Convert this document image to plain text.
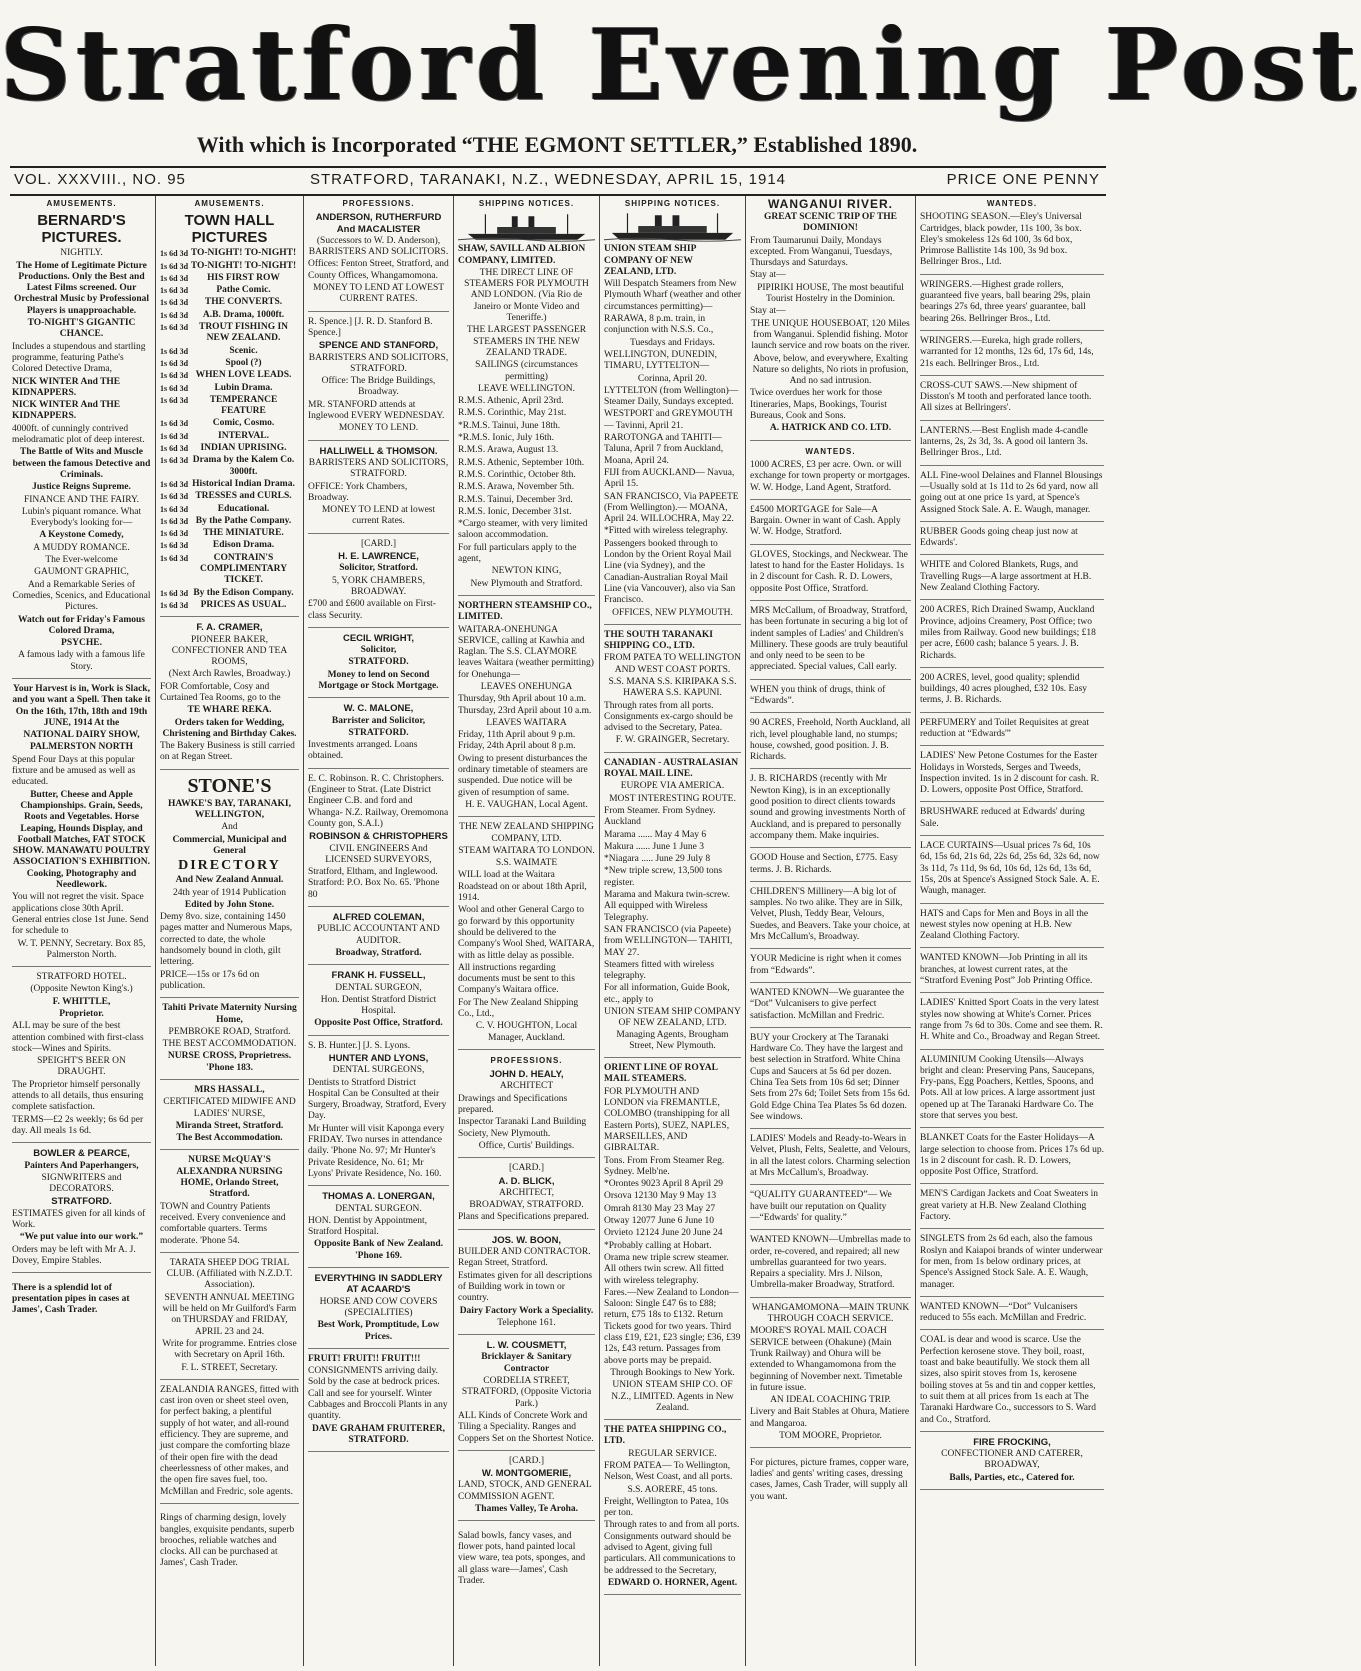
Stratford Evening Post
With which is Incorporated “THE EGMONT SETTLER,” Established 1890.
VOL. XXXVIII., NO. 95	STRATFORD, TARANAKI, N.Z., WEDNESDAY, APRIL 15, 1914	PRICE ONE PENNY
AMUSEMENTS.
BERNARD'S PICTURES.

NIGHTLY.

The Home of Legitimate Picture Productions. Only the Best and Latest Films screened. Our Orchestral Music by Professional Players is unapproachable.

TO-NIGHT'S GIGANTIC CHANCE.

Includes a stupendous and startling programme, featuring Pathe's Colored Detective Drama,

NICK WINTER And THE KIDNAPPERS.

NICK WINTER And THE KIDNAPPERS.

4000ft. of cunningly contrived melodramatic plot of deep interest.

The Battle of Wits and Muscle between the famous Detective and Criminals.

Justice Reigns Supreme.

FINANCE AND THE FAIRY.

Lubin's piquant romance. What Everybody's looking for—

A Keystone Comedy,

A MUDDY ROMANCE.

The Ever-welcome

GAUMONT GRAPHIC,

And a Remarkable Series of Comedies, Scenics, and Educational Pictures.

Watch out for Friday's Famous Colored Drama,

PSYCHE.

A famous lady with a famous life Story.

Your Harvest is in, Work is Slack, and you want a Spell. Then take it On the 16th, 17th, 18th and 19th JUNE, 1914 At the

NATIONAL DAIRY SHOW,

PALMERSTON NORTH

Spend Four Days at this popular fixture and be amused as well as educated.

Butter, Cheese and Apple Championships. Grain, Seeds, Roots and Vegetables. Horse Leaping, Hounds Display, and Football Matches, FAT STOCK SHOW. MANAWATU POULTRY ASSOCIATION'S EXHIBITION. Cooking, Photography and Needlework.

You will not regret the visit. Space applications close 30th April. General entries close 1st June. Send for schedule to

W. T. PENNY, Secretary. Box 85, Palmerston North.

STRATFORD HOTEL.

(Opposite Newton King's.)

F. WHITTLE,

Proprietor.

ALL may be sure of the best attention combined with first-class stock—Wines and Spirits.

SPEIGHT'S BEER ON DRAUGHT.

The Proprietor himself personally attends to all details, thus ensuring complete satisfaction.

TERMS—£2 2s weekly; 6s 6d per day. All meals 1s 6d.

BOWLER & PEARCE,

Painters And Paperhangers,

SIGNWRITERS and DECORATORS.

STRATFORD.

ESTIMATES given for all kinds of Work.

“We put value into our work.”

Orders may be left with Mr A. J. Dovey, Empire Stables.

There is a splendid lot of presentation pipes in cases at James', Cash Trader.

AMUSEMENTS.
TOWN HALL PICTURES

1s 6d 3d TO-NIGHT! TO-NIGHT!

1s 6d 3d TO-NIGHT! TO-NIGHT!

1s 6d 3d	HIS FIRST ROW

1s 6d 3d	Pathe Comic.

1s 6d 3d	THE CONVERTS.

1s 6d 3d	A.B. Drama, 1000ft.

1s 6d 3d	TROUT FISHING IN NEW ZEALAND.

1s 6d 3d	Scenic.

1s 6d 3d	Spool (?)

1s 6d 3d WHEN LOVE LEADS.

1s 6d 3d	Lubin Drama.

1s 6d 3d	TEMPERANCE FEATURE

1s 6d 3d	Comic, Cosmo.

1s 6d 3d	INTERVAL.

1s 6d 3d	INDIAN UPRISING.

1s 6d 3d Drama by the Kalem Co. 3000ft.

1s 6d 3d Historical Indian Drama.

1s 6d 3d TRESSES and CURLS.

1s 6d 3d	Educational.

1s 6d 3d By the Pathe Company.

1s 6d 3d	THE MINIATURE.

1s 6d 3d	Edison Drama.

1s 6d 3d	CONTRAIN'S COMPLIMENTARY TICKET.

1s 6d 3d By the Edison Company.

1s 6d 3d	PRICES AS USUAL.

F. A. CRAMER,

PIONEER BAKER, CONFECTIONER AND TEA ROOMS,

(Next Arch Rawles, Broadway.)

FOR Comfortable, Cosy and Curtained Tea Rooms, go to the

TE WHARE REKA.

Orders taken for Wedding, Christening and Birthday Cakes.

The Bakery Business is still carried on at Regan Street.

STONE'S

HAWKE'S BAY, TARANAKI, WELLINGTON,

And

Commercial, Municipal and General

DIRECTORY

And New Zealand Annual.

24th year of 1914 Publication

Edited by John Stone.

Demy 8vo. size, containing 1450 pages matter and Numerous Maps, corrected to date, the whole handsomely bound in cloth, gilt lettering.

PRICE—15s or 17s 6d on publication.

Tahiti Private Maternity Nursing Home,

PEMBROKE ROAD, Stratford.

THE BEST ACCOMMODATION.

NURSE CROSS, Proprietress. 'Phone 183.

MRS HASSALL,

CERTIFICATED MIDWIFE AND LADIES' NURSE,

Miranda Street, Stratford.

The Best Accommodation.

NURSE McQUAY'S ALEXANDRA NURSING HOME, Orlando Street, Stratford.

TOWN and Country Patients received. Every convenience and comfortable quarters. Terms moderate. 'Phone 54.

TARATA SHEEP DOG TRIAL CLUB. (Affiliated with N.Z.D.T. Association).

SEVENTH ANNUAL MEETING will be held on Mr Guilford's Farm on THURSDAY and FRIDAY, APRIL 23 and 24.

Write for programme. Entries close with Secretary on April 16th.

F. L. STREET, Secretary.

ZEALANDIA RANGES, fitted with cast iron oven or sheet steel oven, for perfect baking, a plentiful supply of hot water, and all-round efficiency. They are supreme, and just compare the comforting blaze of their open fire with the dead cheerlessness of other makes, and the open fire saves fuel, too. McMillan and Fredric, sole agents.

Rings of charming design, lovely bangles, exquisite pendants, superb brooches, reliable watches and clocks. All can be purchased at James', Cash Trader.

PROFESSIONS.

ANDERSON, RUTHERFURD And MACALISTER

(Successors to W. D. Anderson), BARRISTERS AND SOLICITORS.

Offices: Fenton Street, Stratford, and County Offices, Whangamomona.

MONEY TO LEND AT LOWEST CURRENT RATES.

R. Spence.] [J. R. D. Stanford B. Spence.]

SPENCE AND STANFORD,

BARRISTERS AND SOLICITORS, STRATFORD.

Office: The Bridge Buildings, Broadway.

MR. STANFORD attends at Inglewood EVERY WEDNESDAY.

MONEY TO LEND.

HALLIWELL & THOMSON.

BARRISTERS AND SOLICITORS, STRATFORD.

OFFICE: York Chambers, Broadway.

MONEY TO LEND at lowest current Rates.

[CARD.]

H. E. LAWRENCE,

Solicitor, Stratford.

5, YORK CHAMBERS, BROADWAY.

£700 and £600 available on First-class Security.

CECIL WRIGHT,

Solicitor,

STRATFORD.

Money to lend on Second Mortgage or Stock Mortgage.

W. C. MALONE,

Barrister and Solicitor,

STRATFORD.

Investments arranged. Loans obtained.

E. C. Robinson. R. C. Christophers. (Engineer to Strat. (Late District Engineer C.B. and ford and Whanga- N.Z. Railway, Oremomona County gon, S.A.I.)

ROBINSON & CHRISTOPHERS

CIVIL ENGINEERS And LICENSED SURVEYORS,

Stratford, Eltham, and Inglewood. Stratford: P.O. Box No. 65. 'Phone 80

ALFRED COLEMAN,

PUBLIC ACCOUNTANT AND AUDITOR.

Broadway, Stratford.

FRANK H. FUSSELL,

DENTAL SURGEON,

Hon. Dentist Stratford District Hospital.

Opposite Post Office, Stratford.

S. B. Hunter.] [J. S. Lyons.

HUNTER AND LYONS,

DENTAL SURGEONS,

Dentists to Stratford District Hospital Can be Consulted at their Surgery, Broadway, Stratford, Every Day.

Mr Hunter will visit Kaponga every FRIDAY. Two nurses in attendance daily. 'Phone No. 97; Mr Hunter's Private Residence, No. 61; Mr Lyons' Private Residence, No. 160.

THOMAS A. LONERGAN,

DENTAL SURGEON.

HON. Dentist by Appointment, Stratford Hospital.

Opposite Bank of New Zealand. 'Phone 169.

EVERYTHING IN SADDLERY AT ACAARD'S

HORSE AND COW COVERS (SPECIALITIES)

Best Work, Promptitude, Low Prices.

FRUIT! FRUIT!! FRUIT!!!

CONSIGNMENTS arriving daily. Sold by the case at bedrock prices. Call and see for yourself. Winter Cabbages and Broccoli Plants in any quantity.

DAVE GRAHAM FRUITERER, STRATFORD.

SHIPPING NOTICES.

SHAW, SAVILL AND ALBION COMPANY, LIMITED.

THE DIRECT LINE OF STEAMERS FOR PLYMOUTH AND LONDON. (Via Rio de Janeiro or Monte Video and Teneriffe.)

THE LARGEST PASSENGER STEAMERS IN THE NEW ZEALAND TRADE.

SAILINGS (circumstances permitting)

LEAVE WELLINGTON.

R.M.S. Athenic, April 23rd.

R.M.S. Corinthic, May 21st.

*R.M.S. Tainui, June 18th.

*R.M.S. Ionic, July 16th.

R.M.S. Arawa, August 13.

R.M.S. Athenic, September 10th.

R.M.S. Corinthic, October 8th.

R.M.S. Arawa, November 5th.

R.M.S. Tainui, December 3rd.

R.M.S. Ionic, December 31st.

*Cargo steamer, with very limited saloon accommodation.

For full particulars apply to the agent,

NEWTON KING,

New Plymouth and Stratford.

NORTHERN STEAMSHIP CO., LIMITED.

WAITARA-ONEHUNGA SERVICE, calling at Kawhia and Raglan. The S.S. CLAYMORE leaves Waitara (weather permitting) for Onehunga—

LEAVES ONEHUNGA

Thursday, 9th April about 10 a.m. Thursday, 23rd April about 10 a.m.

LEAVES WAITARA

Friday, 11th April about 9 p.m. Friday, 24th April about 8 p.m.

Owing to present disturbances the ordinary timetable of steamers are suspended. Due notice will be given of resumption of same.

H. E. VAUGHAN, Local Agent.

THE NEW ZEALAND SHIPPING COMPANY, LTD.

STEAM WAITARA TO LONDON.

S.S. WAIMATE

WILL load at the Waitara Roadstead on or about 18th April, 1914.

Wool and other General Cargo to go forward by this opportunity should be delivered to the Company's Wool Shed, WAITARA, with as little delay as possible.

All instructions regarding documents must be sent to this Company's Waitara office.

For The New Zealand Shipping Co., Ltd.,

C. V. HOUGHTON, Local Manager, Auckland.

PROFESSIONS.

JOHN D. HEALY,

ARCHITECT

Drawings and Specifications prepared.

Inspector Taranaki Land Building Society, New Plymouth.

Office, Curtis' Buildings.

[CARD.]

A. D. BLICK,

ARCHITECT,

BROADWAY, STRATFORD.

Plans and Specifications prepared.

JOS. W. BOON,

BUILDER AND CONTRACTOR. Regan Street, Stratford.

Estimates given for all descriptions of Building work in town or country.

Dairy Factory Work a Speciality.

Telephone 161.

L. W. COUSMETT,

Bricklayer & Sanitary Contractor

CORDELIA STREET, STRATFORD, (Opposite Victoria Park.)

ALL Kinds of Concrete Work and Tiling a Speciality. Ranges and Coppers Set on the Shortest Notice.

[CARD.]

W. MONTGOMERIE,

LAND, STOCK, AND GENERAL COMMISSION AGENT.

Thames Valley, Te Aroha.

Salad bowls, fancy vases, and flower pots, hand painted local view ware, tea pots, sponges, and all glass ware—James', Cash Trader.

SHIPPING NOTICES.

UNION STEAM SHIP COMPANY OF NEW ZEALAND, LTD.

Will Despatch Steamers from New Plymouth Wharf (weather and other circumstances permitting)—

RARAWA, 8 p.m. train, in conjunction with N.S.S. Co.,

Tuesdays and Fridays.

WELLINGTON, DUNEDIN, TIMARU, LYTTELTON—

Corinna, April 20.

LYTTELTON (from Wellington)— Steamer Daily, Sundays excepted.

WESTPORT and GREYMOUTH— Tavinni, April 21.

RAROTONGA and TAHITI— Taluna, April 7 from Auckland, Moana, April 24.

FIJI from AUCKLAND— Navua, April 15.

SAN FRANCISCO, Via PAPEETE (From Wellington).— MOANA, April 24. WILLOCHRA, May 22.

*Fitted with wireless telegraphy.

Passengers booked through to London by the Orient Royal Mail Line (via Sydney), and the Canadian-Australian Royal Mail Line (via Vancouver), also via San Francisco.

OFFICES, NEW PLYMOUTH.

THE SOUTH TARANAKI SHIPPING CO., LTD.

FROM PATEA TO WELLINGTON AND WEST COAST PORTS.

S.S. MANA S.S. KIRIPAKA S.S. HAWERA S.S. KAPUNI.

Through rates from all ports. Consignments ex-cargo should be advised to the Secretary, Patea.

F. W. GRAINGER, Secretary.

CANADIAN - AUSTRALASIAN ROYAL MAIL LINE.

EUROPE VIA AMERICA.

MOST INTERESTING ROUTE.

From Steamer. From Sydney. Auckland

Marama ...... May 4 May 6

Makura ...... June 1 June 3

*Niagara ..... June 29 July 8

*New triple screw, 13,500 tons register.

Marama and Makura twin-screw. All equipped with Wireless Telegraphy.

SAN FRANCISCO (via Papeete) from WELLINGTON— TAHITI, MAY 27.

Steamers fitted with wireless telegraphy.

For all information, Guide Book, etc., apply to

UNION STEAM SHIP COMPANY OF NEW ZEALAND, LTD. Managing Agents, Brougham Street, New Plymouth.

ORIENT LINE OF ROYAL MAIL STEAMERS.

FOR PLYMOUTH AND LONDON via FREMANTLE, COLOMBO (transhipping for all Eastern Ports), SUEZ, NAPLES, MARSEILLES, AND GIBRALTAR.

Tons. From From Steamer Reg. Sydney. Melb'ne.

*Orontes 9023 April 8 April 29

Orsova 12130 May 9 May 13

Omrah 8130 May 23 May 27

Otway 12077 June 6 June 10

Orvieto 12124 June 20 June 24

*Probably calling at Hobart.

Orama new triple screw steamer. All others twin screw. All fitted with wireless telegraphy.

Fares.—New Zealand to London—Saloon: Single £47 6s to £88; return, £75 18s to £132. Return Tickets good for two years. Third class £19, £21, £23 single; £36, £39 12s, £43 return. Passages from above ports may be prepaid.

Through Bookings to New York.

UNION STEAM SHIP CO. OF N.Z., LIMITED. Agents in New Zealand.

THE PATEA SHIPPING CO., LTD.

REGULAR SERVICE.

FROM PATEA— To Wellington, Nelson, West Coast, and all ports.

S.S. AORERE, 45 tons.

Freight, Wellington to Patea, 10s per ton.

Through rates to and from all ports. Consignments outward should be advised to Agent, giving full particulars. All communications to be addressed to the Secretary,

EDWARD O. HORNER, Agent.

WANGANUI RIVER.

GREAT SCENIC TRIP OF THE DOMINION!

From Taumarunui Daily, Mondays excepted. From Wanganui, Tuesdays, Thursdays and Saturdays.

Stay at—

PIPIRIKI HOUSE, The most beautiful Tourist Hostelry in the Dominion.

Stay at—

THE UNIQUE HOUSEBOAT, 120 Miles from Wanganui. Splendid fishing. Motor launch service and row boats on the river.

Above, below, and everywhere, Exalting Nature so delights, No riots in profusion, And no sad intrusion.

Twice overdues her work for those Itineraries, Maps, Bookings, Tourist Bureaus, Cook and Sons.

A. HATRICK AND CO. LTD.

WANTEDS.

1000 ACRES, £3 per acre. Own. or will exchange for town property or mortgages. W. W. Hodge, Land Agent, Stratford.

£4500 MORTGAGE for Sale—A Bargain. Owner in want of Cash. Apply W. W. Hodge, Stratford.

GLOVES, Stockings, and Neckwear. The latest to hand for the Easter Holidays. 1s in 2 discount for Cash. R. D. Lowers, opposite Post Office, Stratford.

MRS McCallum, of Broadway, Stratford, has been fortunate in securing a big lot of indent samples of Ladies' and Children's Millinery. These goods are truly beautiful and only need to be seen to be appreciated. Special values, Call early.

WHEN you think of drugs, think of “Edwards”.

90 ACRES, Freehold, North Auckland, all rich, level ploughable land, no stumps; house, cowshed, good position. J. B. Richards.

J. B. RICHARDS (recently with Mr Newton King), is in an exceptionally good position to direct clients towards sound and growing investments North of Auckland, and is prepared to personally accompany them. Make inquiries.

GOOD House and Section, £775. Easy terms. J. B. Richards.

CHILDREN'S Millinery—A big lot of samples. No two alike. They are in Silk, Velvet, Plush, Teddy Bear, Velours, Suedes, and Beavers. Take your choice, at Mrs McCallum's, Broadway.

YOUR Medicine is right when it comes from “Edwards”.

WANTED KNOWN—We guarantee the “Dot” Vulcanisers to give perfect satisfaction. McMillan and Fredric.

BUY your Crockery at The Taranaki Hardware Co. They have the largest and best selection in Stratford. White China Cups and Saucers at 5s 6d per dozen. China Tea Sets from 10s 6d set; Dinner Sets from 27s 6d; Toilet Sets from 15s 6d. Gold Edge China Tea Plates 5s 6d dozen. See windows.

LADIES' Models and Ready-to-Wears in Velvet, Plush, Felts, Sealette, and Velours, in all the latest colors. Charming selection at Mrs McCallum's, Broadway.

“QUALITY GUARANTEED”— We have built our reputation on Quality—“Edwards' for quality.”

WANTED KNOWN—Umbrellas made to order, re-covered, and repaired; all new umbrellas guaranteed for two years. Repairs a speciality. Mrs J. Nilson, Umbrella-maker Broadway, Stratford.

WHANGAMOMONA—MAIN TRUNK THROUGH COACH SERVICE.

MOORE'S ROYAL MAIL COACH SERVICE between (Ohakune) (Main Trunk Railway) and Ohura will be extended to Whangamomona from the beginning of November next. Timetable in future issue.

AN IDEAL COACHING TRIP.

Livery and Bait Stables at Ohura, Matiere and Mangaroa.

TOM MOORE, Proprietor.

For pictures, picture frames, copper ware, ladies' and gents' writing cases, dressing cases, James, Cash Trader, will supply all you want.

WANTEDS.

SHOOTING SEASON.—Eley's Universal Cartridges, black powder, 11s 100, 3s box. Eley's smokeless 12s 6d 100, 3s 6d box, Primrose Ballistite 14s 100, 3s 9d box. Bellringer Bros., Ltd.

WRINGERS.—Highest grade rollers, guaranteed five years, ball bearing 29s, plain bearings 27s 6d, three years' guarantee, ball bearing 26s. Bellringer Bros., Ltd.

WRINGERS.—Eureka, high grade rollers, warranted for 12 months, 12s 6d, 17s 6d, 14s, 21s each. Bellringer Bros., Ltd.

CROSS-CUT SAWS.—New shipment of Disston's M tooth and perforated lance tooth. All sizes at Bellringers'.

LANTERNS.—Best English made 4-candle lanterns, 2s, 2s 3d, 3s. A good oil lantern 3s. Bellringer Bros., Ltd.

ALL Fine-wool Delaines and Flannel Blousings—Usually sold at 1s 11d to 2s 6d yard, now all going out at one price 1s yard, at Spence's Assigned Stock Sale. A. E. Waugh, manager.

RUBBER Goods going cheap just now at Edwards'.

WHITE and Colored Blankets, Rugs, and Travelling Rugs—A large assortment at H.B. New Zealand Clothing Factory.

200 ACRES, Rich Drained Swamp, Auckland Province, adjoins Creamery, Post Office; two miles from Railway. Good new buildings; £18 per acre, £600 cash; balance 5 years. J. B. Richards.

200 ACRES, level, good quality; splendid buildings, 40 acres ploughed, £32 10s. Easy terms, J. B. Richards.

PERFUMERY and Toilet Requisites at great reduction at “Edwards'”

LADIES' New Petone Costumes for the Easter Holidays in Worsteds, Serges and Tweeds, Inspection invited. 1s in 2 discount for cash. R. D. Lowers, opposite Post Office, Stratford.

BRUSHWARE reduced at Edwards' during Sale.

LACE CURTAINS—Usual prices 7s 6d, 10s 6d, 15s 6d, 21s 6d, 22s 6d, 25s 6d, 32s 6d, now 3s 11d, 7s 11d, 9s 6d, 10s 6d, 12s 6d, 13s 6d, 15s, 20s at Spence's Assigned Stock Sale. A. E. Waugh, manager.

HATS and Caps for Men and Boys in all the newest styles now opening at H.B. New Zealand Clothing Factory.

WANTED KNOWN—Job Printing in all its branches, at lowest current rates, at the “Stratford Evening Post” Job Printing Office.

LADIES' Knitted Sport Coats in the very latest styles now showing at White's Corner. Prices range from 7s 6d to 30s. Come and see them. R. H. White and Co., Broadway and Regan Street.

ALUMINIUM Cooking Utensils—Always bright and clean: Preserving Pans, Saucepans, Fry-pans, Egg Poachers, Kettles, Spoons, and Pots. All at low prices. A large assortment just opened up at The Taranaki Hardware Co. The store that serves you best.

BLANKET Coats for the Easter Holidays—A large selection to choose from. Prices 17s 6d up. 1s in 2 discount for cash. R. D. Lowers, opposite Post Office, Stratford.

MEN'S Cardigan Jackets and Coat Sweaters in great variety at H.B. New Zealand Clothing Factory.

SINGLETS from 2s 6d each, also the famous Roslyn and Kaiapoi brands of winter underwear for men, from 1s below ordinary prices, at Spence's Assigned Stock Sale. A. E. Waugh, manager.

WANTED KNOWN—“Dot” Vulcanisers reduced to 55s each. McMillan and Fredric.

COAL is dear and wood is scarce. Use the Perfection kerosene stove. They boil, roast, toast and bake beautifully. We stock them all sizes, also spirit stoves from 1s, kerosene boiling stoves at 5s and tin and copper kettles, to suit them at all prices from 1s each at The Taranaki Hardware Co., successors to S. Ward and Co., Stratford.

FIRE FROCKING,

CONFECTIONER AND CATERER, BROADWAY,

Balls, Parties, etc., Catered for.
